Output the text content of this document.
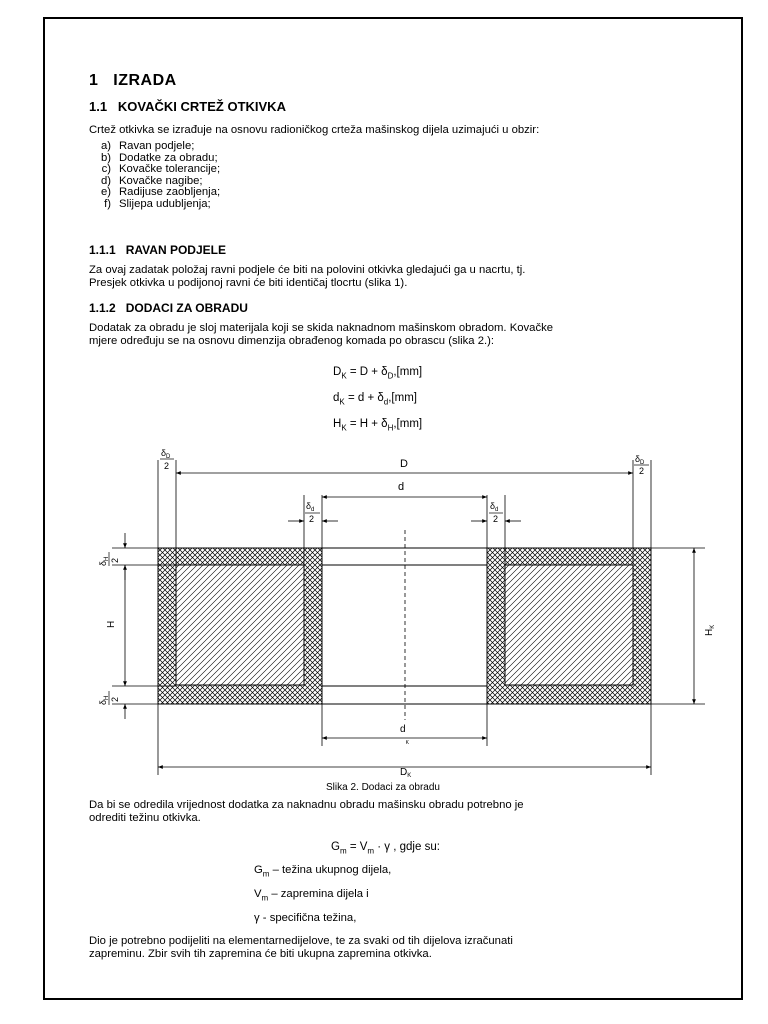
1 IZRADA
1.1 KOVAČKI CRTEŽ OTKIVKA
Crtež otkivka se izrađuje na osnovu radioničkog crteža mašinskog dijela uzimajući u obzir:
a) Ravan podjele;
b) Dodatke za obradu;
c) Kovačke tolerancije;
d) Kovačke nagibe;
e) Radijuse zaobljenja;
f) Slijepa udubljenja;
1.1.1 RAVAN PODJELE
Za ovaj zadatak položaj ravni podjele će biti na polovini otkivka gledajući ga u nacrtu, tj.
Presjek otkivka u podijonoj ravni će biti identičaj tlocrtu (slika 1).
1.1.2 DODACI ZA OBRADU
Dodatak za obradu je sloj materijala koji se skida naknadnom mašinskom obradom. Kovačke
mjere određuju se na osnovu dimenzija obrađenog komada po obrascu (slika 2.):
$D_K = D + \delta_D,[mm]$
$d_K = d + \delta_d,[mm]$
$H_K = H + \delta_H,[mm]$
D
d
$\delta_D$
2
$\delta_D$
2
$\delta_d$
2
$\delta_d$
2
H
$\delta_H$ 2
$\delta_H$ 2
$H_K$
$d_K$
$D_K$
Slika 2. Dodaci za obradu
Da bi se odredila vrijednost dodatka za naknadnu obradu mašinsku obradu potrebno je
odrediti težinu otkivka.
$G_m = V_m \cdot \gamma$ , gdje su:
$G_m$ – težina ukupnog dijela,
$V_m$ – zapremina dijela i
γ - specifična težina,
Dio je potrebno podijeliti na elementarnedijelove, te za svaki od tih dijelova izračunati
zapreminu. Zbir svih tih zapremina će biti ukupna zapremina otkivka.
